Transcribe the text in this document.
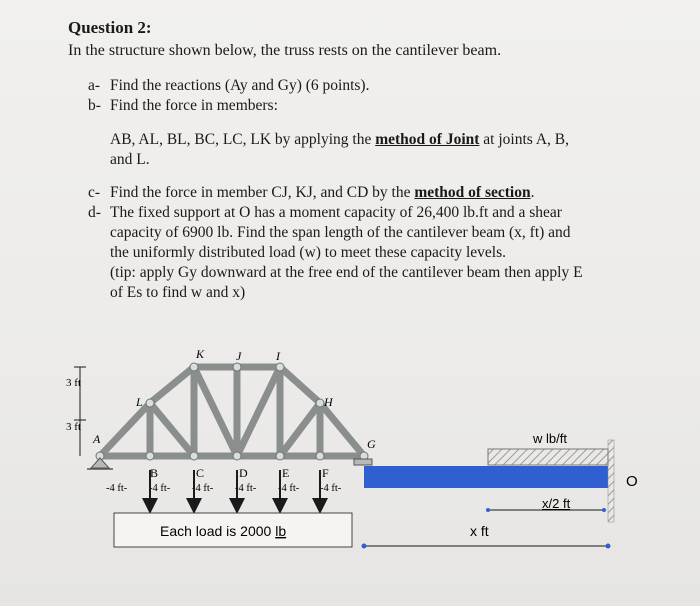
Question 2:
In the structure shown below, the truss rests on the cantilever beam.
a- Find the reactions (Ay and Gy) (6 points).
b- Find the force in members:
AB, AL, BL, BC, LC, LK by applying the method of Joint at joints A, B,
and L.
c- Find the force in member CJ, KJ, and CD by the method of section.
d- The fixed support at O has a moment capacity of 26,400 lb.ft and a shear
capacity of 6900 lb. Find the span length of the cantilever beam (x, ft) and
the uniformly distributed load (w) to meet these capacity levels.
(tip: apply Gy downward at the free end of the cantilever beam then apply E
of Es to find w and x)
3 ft
3 ft
A
B	C	D	E	F
G
H
I
J
K
L
-4 ft- -4 ft- -4 ft- -4 ft- -4 ft- -4 ft-
Each load is 2000 lb
O
w lb/ft
x/2 ft
x ft
